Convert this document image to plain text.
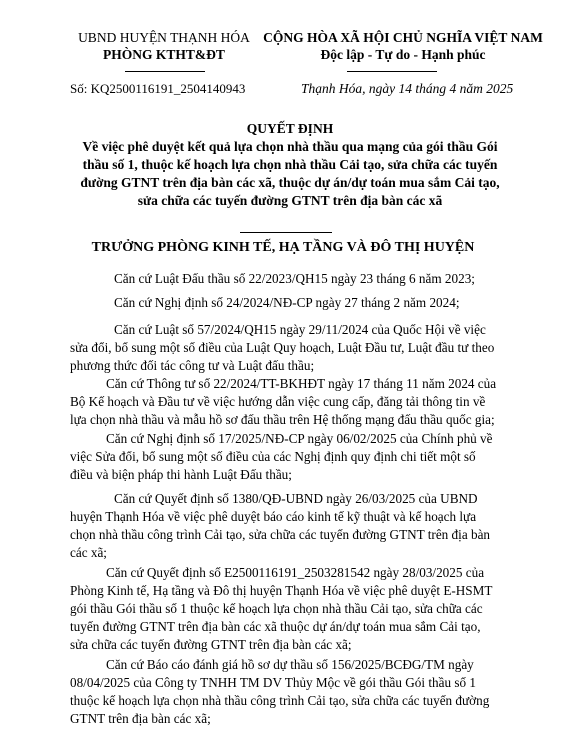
UBND HUYỆN THẠNH HÓA
PHÒNG KTHT&ĐT
CỘNG HÒA XÃ HỘI CHỦ NGHĨA VIỆT NAM
Độc lập - Tự do - Hạnh phúc
Số: KQ2500116191_2504140943	Thạnh Hóa, ngày 14 tháng 4 năm 2025
QUYẾT ĐỊNH
Về việc phê duyệt kết quả lựa chọn nhà thầu qua mạng của gói thầu Gói
thầu số 1, thuộc kế hoạch lựa chọn nhà thầu Cải tạo, sửa chữa các tuyến
đường GTNT trên địa bàn các xã, thuộc dự án/dự toán mua sắm Cải tạo,
sửa chữa các tuyến đường GTNT trên địa bàn các xã
TRƯỞNG PHÒNG KINH TẾ, HẠ TẦNG VÀ ĐÔ THỊ HUYỆN
Căn cứ Luật Đấu thầu số 22/2023/QH15 ngày 23 tháng 6 năm 2023;
Căn cứ Nghị định số 24/2024/NĐ-CP ngày 27 tháng 2 năm 2024;
Căn cứ Luật số 57/2024/QH15 ngày 29/11/2024 của Quốc Hội về việc
sửa đổi, bổ sung một số điều của Luật Quy hoạch, Luật Đầu tư, Luật đầu tư theo
phương thức đối tác công tư và Luật đấu thầu;
Căn cứ Thông tư số 22/2024/TT-BKHĐT ngày 17 tháng 11 năm 2024 của
Bộ Kế hoạch và Đầu tư về việc hướng dẫn việc cung cấp, đăng tải thông tin về
lựa chọn nhà thầu và mẫu hồ sơ đấu thầu trên Hệ thống mạng đấu thầu quốc gia;
Căn cứ Nghị định số 17/2025/NĐ-CP ngày 06/02/2025 của Chính phủ về
việc Sửa đổi, bổ sung một số điều của các Nghị định quy định chi tiết một số
điều và biện pháp thi hành Luật Đấu thầu;
Căn cứ Quyết định số 1380/QĐ-UBND ngày 26/03/2025 của UBND
huyện Thạnh Hóa về việc phê duyệt báo cáo kinh tế kỹ thuật và kế hoạch lựa
chọn nhà thầu công trình Cải tạo, sửa chữa các tuyến đường GTNT trên địa bàn
các xã;
Căn cứ Quyết định số E2500116191_2503281542 ngày 28/03/2025 của
Phòng Kinh tế, Hạ tầng và Đô thị huyện Thạnh Hóa về việc phê duyệt E-HSMT
gói thầu Gói thầu số 1 thuộc kế hoạch lựa chọn nhà thầu Cải tạo, sửa chữa các
tuyến đường GTNT trên địa bàn các xã thuộc dự án/dự toán mua sắm Cải tạo,
sửa chữa các tuyến đường GTNT trên địa bàn các xã;
Căn cứ Báo cáo đánh giá hồ sơ dự thầu số 156/2025/BCĐG/TM ngày
08/04/2025 của Công ty TNHH TM DV Thủy Mộc về gói thầu Gói thầu số 1
thuộc kế hoạch lựa chọn nhà thầu công trình Cải tạo, sửa chữa các tuyến đường
GTNT trên địa bàn các xã;
